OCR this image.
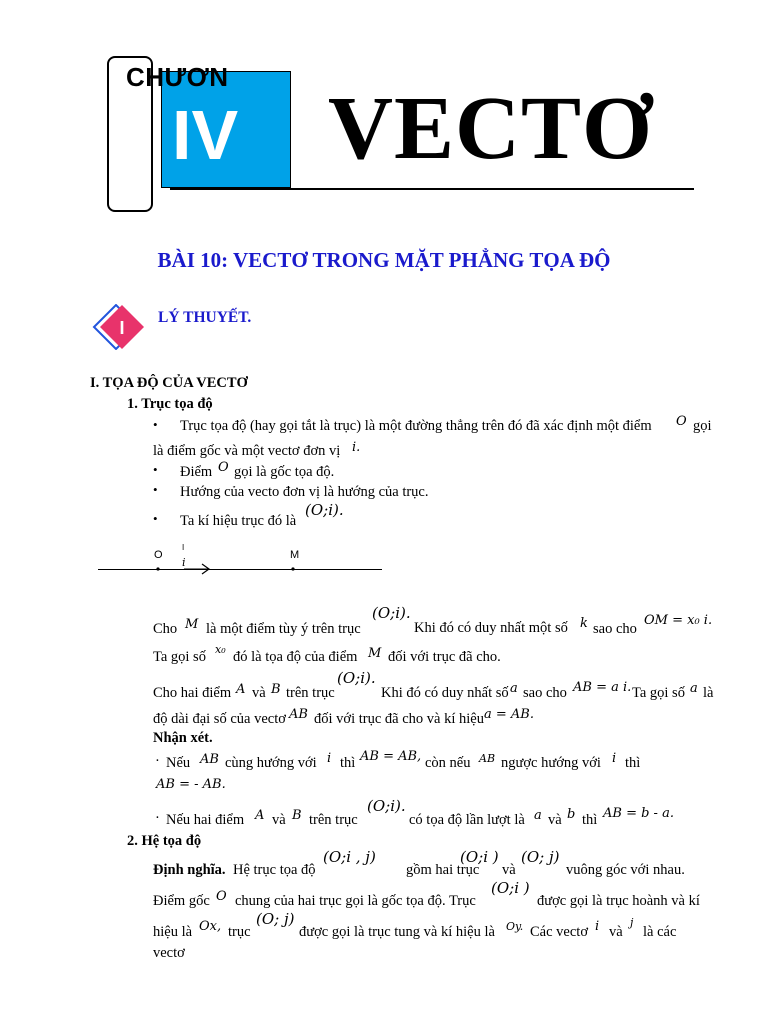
CHƯƠN
IV VECTƠ
BÀI 10: VECTƠ TRONG MẶT PHẲNG TỌA ĐỘ
I
LÝ THUYẾT.
I. TỌA ĐỘ CỦA VECTƠ
1. Trục tọa độ
• Trục tọa độ (hay gọi tắt là trục) là một đường thẳng trên đó đã xác định một điểm O gọi
là điểm gốc và một vectơ đơn vị i.
• Điểm O gọi là gốc tọa độ.
• Hướng của vecto đơn vị là hướng của trục.
• Ta kí hiệu trục đó là
(O;i).
O
I
i
M
Cho M là một điểm tùy ý trên trục
(O;i).
Khi đó có duy nhất một số k sao cho
OM = x₀ i.
Ta gọi số x₀ đó là tọa độ của điểm M đối với trục đã cho.
Cho hai điểm A và B trên trục
(O;i).
Khi đó có duy nhất số a sao cho AB = a i. Ta gọi số a là
độ dài đại số của vectơ AB đối với trục đã cho và kí hiệu a = AB.
Nhận xét.
· Nếu AB cùng hướng với i thì AB = AB, còn nếu AB ngược hướng với i thì
AB = - AB.
· Nếu hai điểm A và B trên trục
(O;i).
có tọa độ lần lượt là a và b thì AB = b - a.
2. Hệ tọa độ
Định nghĩa. Hệ trục tọa độ
(O;i , j)
gồm hai trục
(O;i )
và
(O; j)
vuông góc với nhau.
Điểm gốc O chung của hai trục gọi là gốc tọa độ. Trục
(O;i )
được gọi là trục hoành và kí
hiệu là Ox, trục
(O; j)
được gọi là trục tung và kí hiệu là Oy. Các vectơ i và
j
là các
vectơ
